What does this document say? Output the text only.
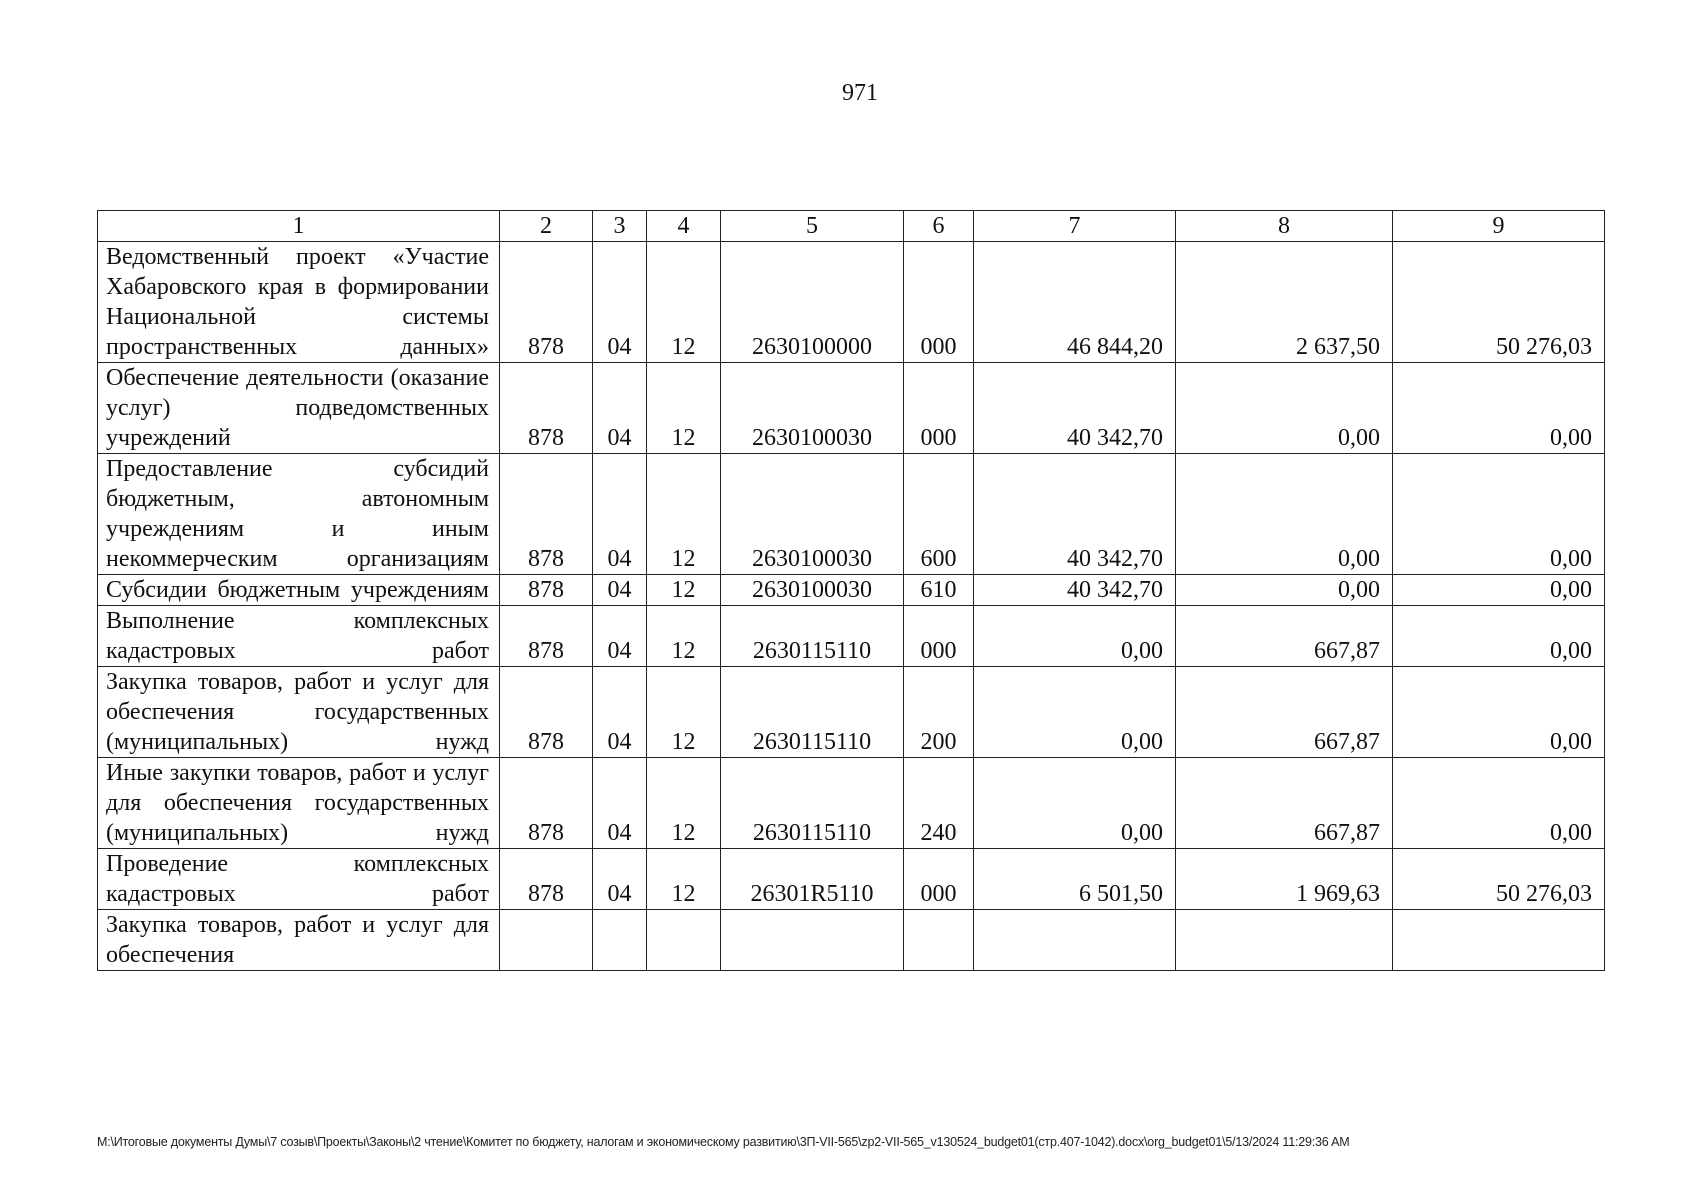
971
1	2	3	4	5	6	7	8	9
Ведомственный проект «Участие Хабаровского края в формировании Национальной системы пространственных данных»	878	04	12	2630100000	000	46 844,20	2 637,50	50 276,03
Обеспечение деятельности (оказание услуг) подведомственных учреждений	878	04	12	2630100030	000	40 342,70	0,00	0,00
Предоставление субсидий бюджетным, автономным учреждениям и иным некоммерческим организациям	878	04	12	2630100030	600	40 342,70	0,00	0,00
Субсидии бюджетным учреждениям	878	04	12	2630100030	610	40 342,70	0,00	0,00
Выполнение комплексных кадастровых работ	878	04	12	2630115110	000	0,00	667,87	0,00
Закупка товаров, работ и услуг для обеспечения государственных (муниципальных) нужд	878	04	12	2630115110	200	0,00	667,87	0,00
Иные закупки товаров, работ и услуг для обеспечения государственных (муниципальных) нужд	878	04	12	2630115110	240	0,00	667,87	0,00
Проведение комплексных кадастровых работ	878	04	12	26301R5110	000	6 501,50	1 969,63	50 276,03
Закупка товаров, работ и услуг для обеспечения								
M:\Итоговые документы Думы\7 созыв\Проекты\Законы\2 чтение\Комитет по бюджету, налогам и экономическому развитию\3П-VII-565\zp2-VII-565_v130524_budget01(стр.407-1042).docx\org_budget01\5/13/2024 11:29:36 AM
